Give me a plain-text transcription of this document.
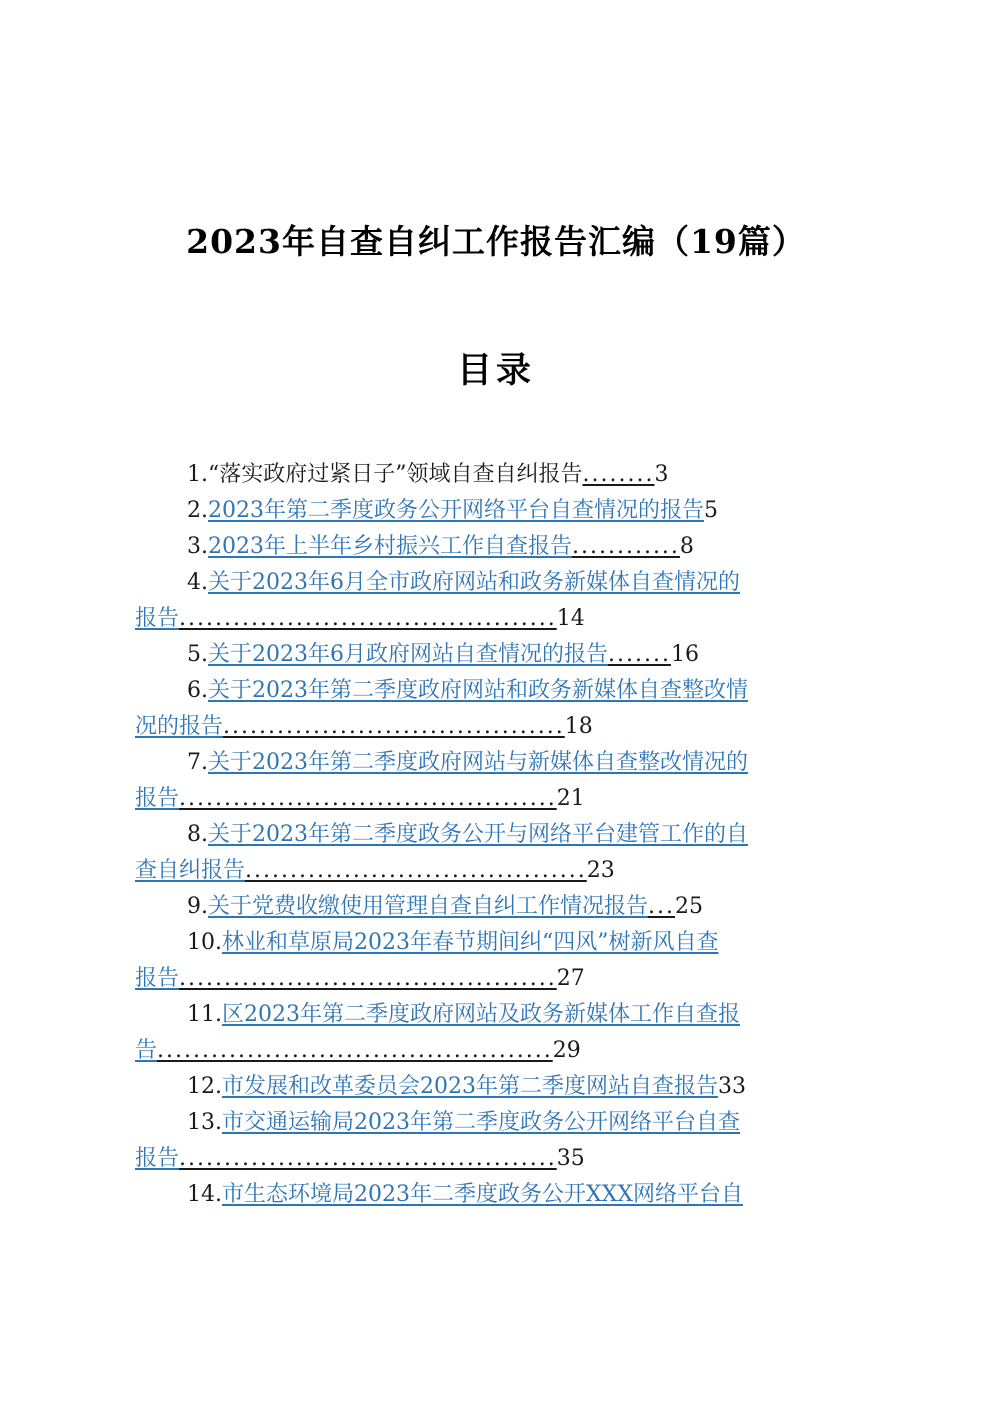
2023年自查自纠工作报告汇编（19篇）
目录
1.“落实政府过紧日子”领域自查自纠报告........3
2.2023年第二季度政务公开网络平台自查情况的报告5
3.2023年上半年乡村振兴工作自查报告............8
4.关于2023年6月全市政府网站和政务新媒体自查情况的
报告..........................................14
5.关于2023年6月政府网站自查情况的报告.......16
6.关于2023年第二季度政府网站和政务新媒体自查整改情
况的报告......................................18
7.关于2023年第二季度政府网站与新媒体自查整改情况的
报告..........................................21
8.关于2023年第二季度政务公开与网络平台建管工作的自
查自纠报告......................................23
9.关于党费收缴使用管理自查自纠工作情况报告...25
10.林业和草原局2023年春节期间纠“四风”树新风自查
报告..........................................27
11.区2023年第二季度政府网站及政务新媒体工作自查报
告............................................29
12.市发展和改革委员会2023年第二季度网站自查报告33
13.市交通运输局2023年第二季度政务公开网络平台自查
报告..........................................35
14.市生态环境局2023年二季度政务公开XXX网络平台自
